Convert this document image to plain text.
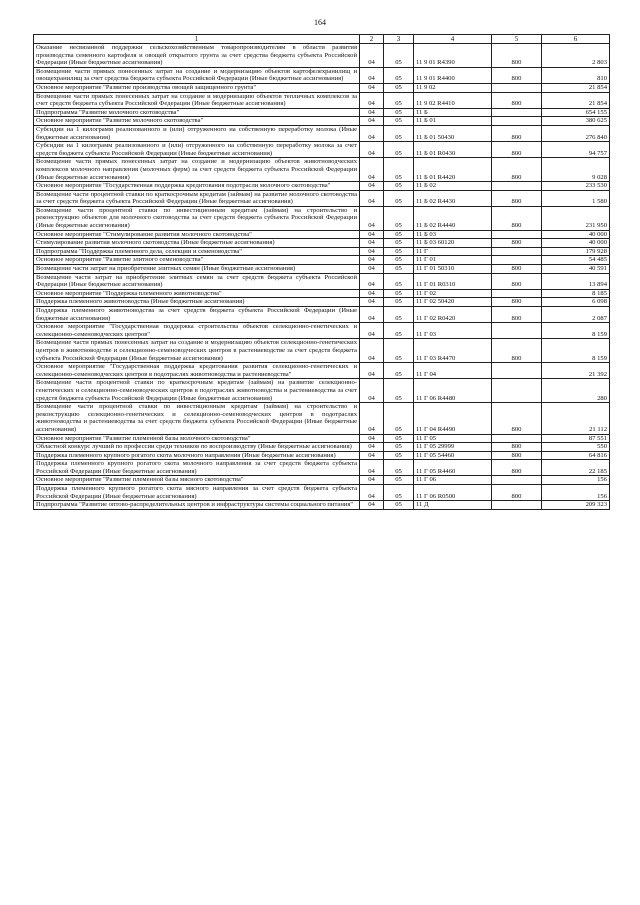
164
1	2	3	4	5	6
Оказание несвязанной поддержки сельскохозяйственным товаропроизводителям в области развития производства семенного картофеля и овощей открытого грунта за счет средства бюджета субъекта Российской Федерации (Иные бюджетные ассигнования)	04	05	11 9 01 R4390	800	2 803
Возмещение части прямых понесенных затрат на создание и модернизацию объектов картофелехранилищ и овощехранилищ за счет средства бюджета субъекта Российской Федерации (Иные бюджетные ассигнования)	04	05	11 9 01 R4400	800	810
Основное мероприятие "Развитие производства овощей защищенного грунта"	04	05	11 9 02		21 854
Возмещение части прямых понесенных затрат на создание и модернизацию объектов тепличных комплексов за счет средств бюджета субъекта Российской Федерации (Иные бюджетные ассигнования)	04	05	11 9 02 R4410	800	21 854
Подпрограмма "Развитие молочного скотоводства"	04	05	11 Б		654 155
Основное мероприятие "Развитие молочного скотоводства"	04	05	11 Б 01		380 625
Субсидии на 1 килограмм реализованного и (или) отгруженного на собственную переработку молока (Иные бюджетные ассигнования)	04	05	11 Б 01 50430	800	276 840
Субсидии на 1 килограмм реализованного и (или) отгруженного на собственную переработку молока за счет средств бюджета субъекта Российской Федерации (Иные бюджетные ассигнования)	04	05	11 Б 01 R0430	800	94 757
Возмещение части прямых понесенных затрат на создание и модернизацию объектов животноводческих комплексов молочного направления (молочных ферм) за счет средств бюджета субъекта Российской Федерации (Иные бюджетные ассигнования)	04	05	11 Б 01 R4420	800	9 028
Основное мероприятие "Государственная поддержка кредитования подотрасли молочного скотоводства"	04	05	11 Б 02		233 530
Возмещение части процентной ставки по краткосрочным кредитам (займам) на развитие молочного скотоводства за счет средств бюджета субъекта Российской Федерации (Иные бюджетные ассигнования)	04	05	11 Б 02 R4430	800	1 580
Возмещение части процентной ставки по инвестиционным кредитам (займам) на строительство и реконструкцию объектов для молочного скотоводства за счет средств бюджета субъекта Российской Федерации (Иные бюджетные ассигнования)	04	05	11 Б 02 R4440	800	231 950
Основное мероприятие "Стимулирование развития молочного скотоводства"	04	05	11 Б 03		40 000
Стимулирование развития молочного скотоводства (Иные бюджетные ассигнования)	04	05	11 Б 03 60120	800	40 000
Подпрограмма "Поддержка племенного дела, селекции и семеноводства"	04	05	11 Г		179 928
Основное мероприятие "Развитие элитного семеноводства"	04	05	11 Г 01		54 485
Возмещение части затрат на приобретение элитных семян (Иные бюджетные ассигнования)	04	05	11 Г 01 50310	800	40 591
Возмещение части затрат на приобретение элитных семян за счет средств бюджета субъекта Российской Федерации (Иные бюджетные ассигнования)	04	05	11 Г 01 R0310	800	13 894
Основное мероприятие "Поддержка племенного животноводства"	04	05	11 Г 02		8 185
Поддержка племенного животноводства (Иные бюджетные ассигнования)	04	05	11 Г 02 50420	800	6 098
Поддержка племенного животноводства за счет средств бюджета субъекта Российской Федерации (Иные бюджетные ассигнования)	04	05	11 Г 02 R0420	800	2 087
Основное мероприятие "Государственная поддержка строительства объектов селекционно-генетических и селекционно-семеноводческих центров"	04	05	11 Г 03		8 159
Возмещение части прямых понесенных затрат на создание и модернизацию объектов селекционно-генетических центров в животноводстве и селекционно-семеноводческих центров в растениеводстве за счет средств бюджета субъекта Российской Федерации (Иные бюджетные ассигнования)	04	05	11 Г 03 R4470	800	8 159
Основное мероприятие "Государственная поддержка кредитования развития селекционно-генетических и селекционно-семеноводческих центров в подотраслях животноводства и растениеводства"	04	05	11 Г 04		21 392
Возмещение части процентной ставки по краткосрочным кредитам (займам) на развитие селекционно-генетических и селекционно-семеноводческих центров в подотраслях животноводства и растениеводства за счет средств бюджета субъекта Российской Федерации (Иные бюджетные ассигнования)	04	05	11 Г 06 R4480		280
Возмещение части процентной ставки по инвестиционным кредитам (займам) на строительство и реконструкцию селекционно-генетических и селекционно-семеноводческих центров в подотраслях животноводства и растениеводства за счет средств бюджета субъекта Российской Федерации (Иные бюджетные ассигнования)	04	05	11 Г 04 R4490	800	21 112
Основное мероприятие "Развитие племенной базы молочного скотоводства"	04	05	11 Г 05		87 551
Областной конкурс лучший по профессии среди техников по воспроизводству (Иные бюджетные ассигнования)	04	05	11 Г 05 29999	800	550
Поддержка племенного крупного рогатого скота молочного направления (Иные бюджетные ассигнования)	04	05	11 Г 05 54460	800	64 816
Поддержка племенного крупного рогатого скота молочного направления за счет средств бюджета субъекта Российской Федерации (Иные бюджетные ассигнования)	04	05	11 Г 05 R4460	800	22 185
Основное мероприятие "Развитие племенной базы мясного скотоводства"	04	05	11 Г 06		156
Поддержка племенного крупного рогатого скота мясного направления за счет средств бюджета субъекта Российской Федерации (Иные бюджетные ассигнования)	04	05	11 Г 06 R0500	800	156
Подпрограмма "Развитие оптово-распределительных центров и инфраструктуры системы социального питания"	04	05	11 Д		209 323
